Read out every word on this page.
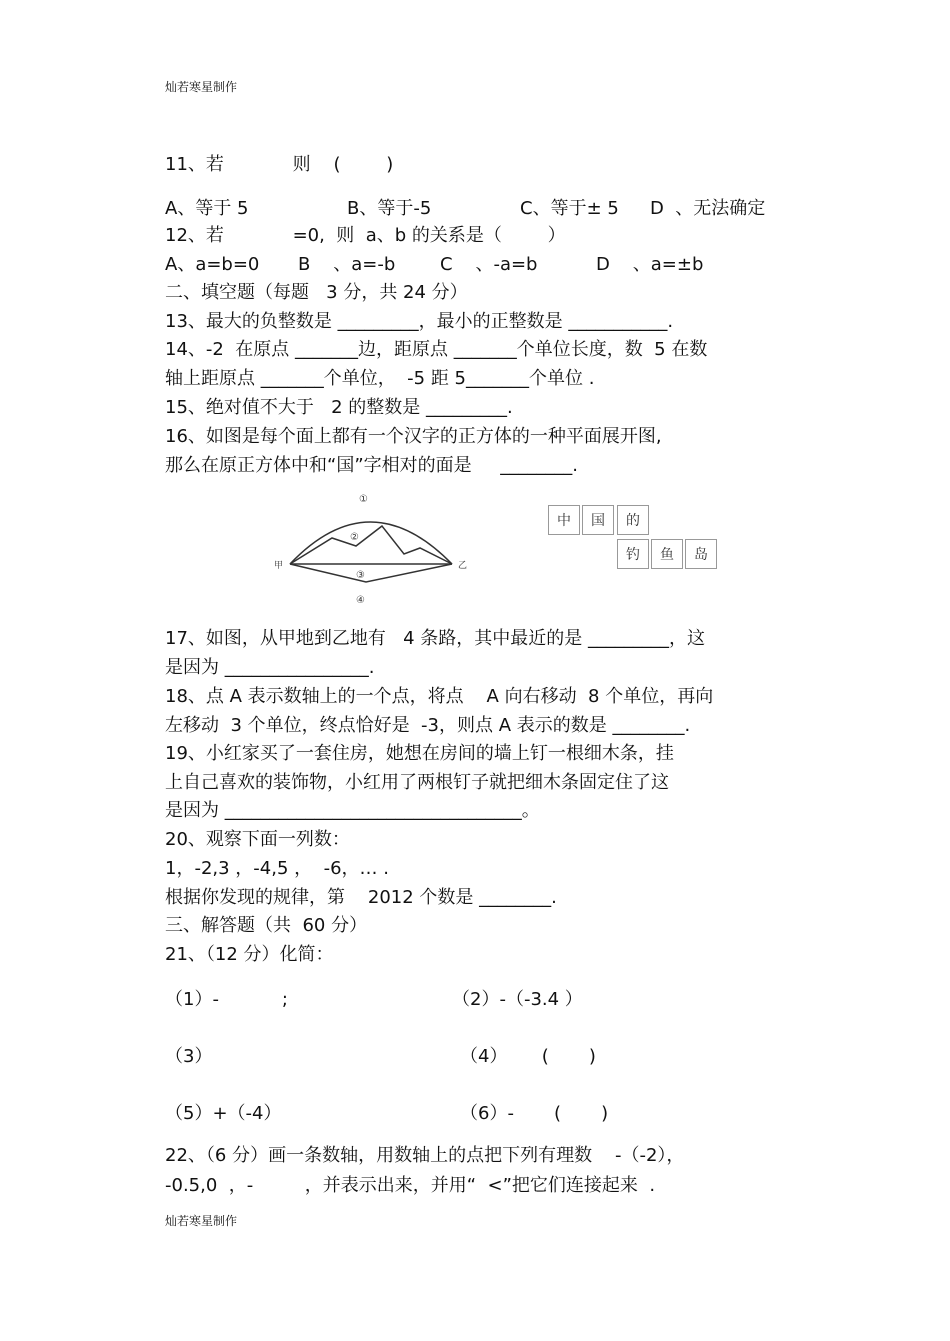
灿若寒星制作
11、若            则    (        )
A、等于 5	B、等于-5	C、等于± 5 D  、无法确定
12、若            =0,  则  a、b 的关系是（        ）
A、a=b=0 B    、a=-b C    、-a=b	D    、a=±b
二、填空题（每题   3 分，共 24 分）
13、最大的负整数是 _________，最小的正整数是 ___________.
14、-2  在原点 _______边，距原点 _______个单位长度，数  5 在数
轴上距原点 _______个单位，  -5 距 5_______个单位 .
15、绝对值不大于   2 的整数是 _________.
16、如图是每个面上都有一个汉字的正方体的一种平面展开图,
那么在原正方体中和“国”字相对的面是     ________.
甲	乙
①
②
③
④
中	国	的
钓	鱼	岛
17、如图，从甲地到乙地有   4 条路，其中最近的是 _________，这
是因为 ________________.
18、点 A 表示数轴上的一个点，将点    A 向右移动  8 个单位，再向
左移动  3 个单位，终点恰好是  -3，则点 A 表示的数是 ________.
19、小红家买了一套住房，她想在房间的墙上钉一根细木条，挂
上自己喜欢的装饰物，小红用了两根钉子就把细木条固定住了这
是因为 _________________________________。
20、观察下面一列数：
1，-2,3 ，-4,5 ，  -6，… .
根据你发现的规律，第    2012 个数是 ________.
三、解答题（共  60 分）
21、（12 分）化简：
（1）-           ;	（2）-（-3.4 ）
（3）	（4）      (       )
（5）+（-4）	（6）-       (       )
22、（6 分）画一条数轴，用数轴上的点把下列有理数    -（-2），
-0.5,0  ，-         ，并表示出来，并用“  <”把它们连接起来  .
灿若寒星制作
